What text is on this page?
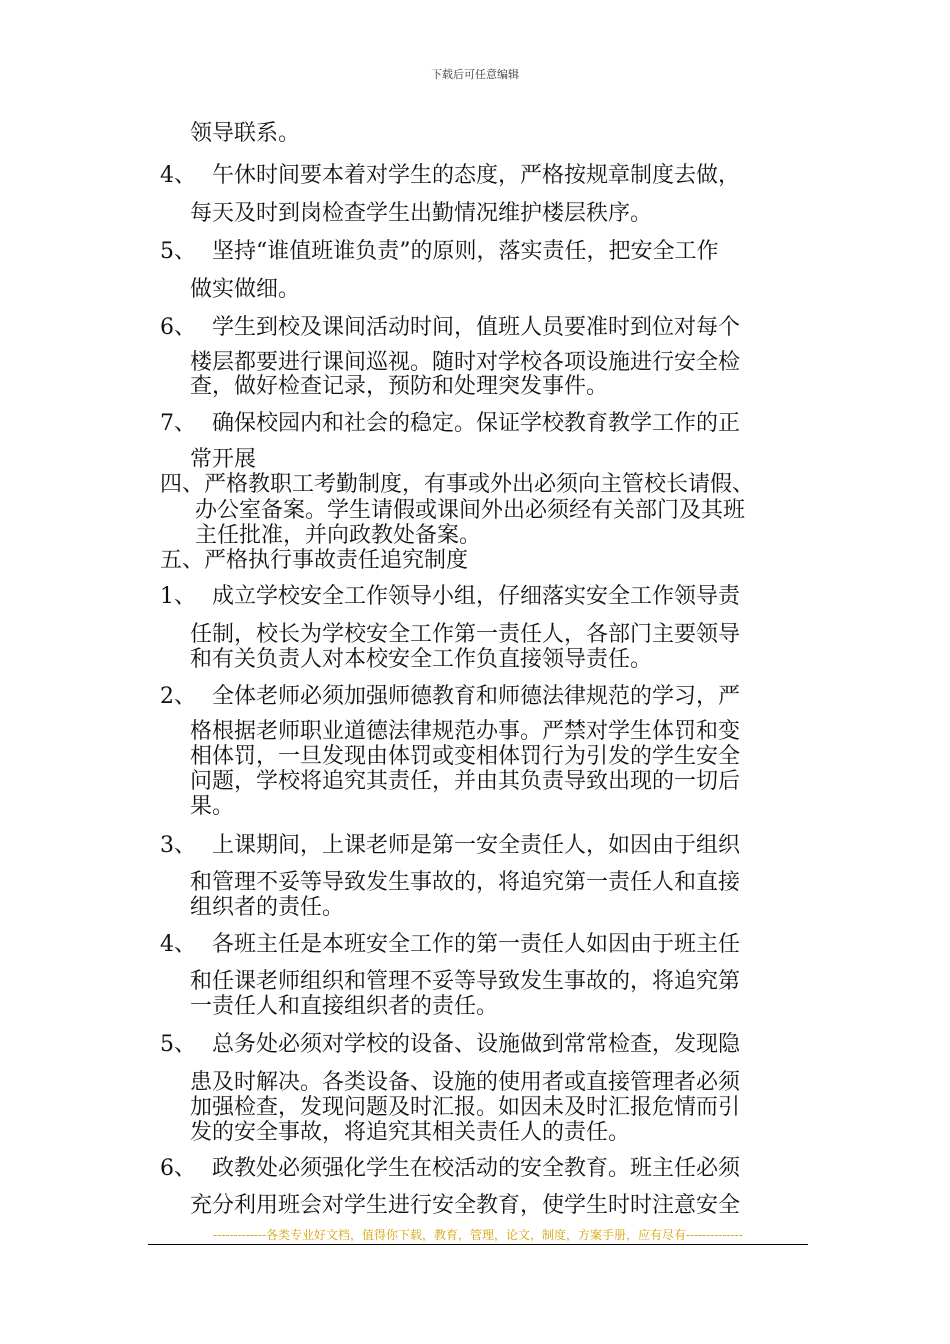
下载后可任意编辑
领导联系。
4、 午休时间要本着对学生的态度，严格按规章制度去做，
每天及时到岗检查学生出勤情况维护楼层秩序。
5、 坚持“谁值班谁负责”的原则，落实责任，把安全工作
做实做细。
6、 学生到校及课间活动时间，值班人员要准时到位对每个
楼层都要进行课间巡视。随时对学校各项设施进行安全检
查，做好检查记录，预防和处理突发事件。
7、 确保校园内和社会的稳定。保证学校教育教学工作的正
常开展
四、严格教职工考勤制度，有事或外出必须向主管校长请假、
办公室备案。学生请假或课间外出必须经有关部门及其班
主任批准，并向政教处备案。
五、严格执行事故责任追究制度
1、 成立学校安全工作领导小组，仔细落实安全工作领导责
任制，校长为学校安全工作第一责任人，各部门主要领导
和有关负责人对本校安全工作负直接领导责任。
2、 全体老师必须加强师德教育和师德法律规范的学习，严
格根据老师职业道德法律规范办事。严禁对学生体罚和变
相体罚，一旦发现由体罚或变相体罚行为引发的学生安全
问题，学校将追究其责任，并由其负责导致出现的一切后
果。
3、 上课期间，上课老师是第一安全责任人，如因由于组织
和管理不妥等导致发生事故的，将追究第一责任人和直接
组织者的责任。
4、 各班主任是本班安全工作的第一责任人如因由于班主任
和任课老师组织和管理不妥等导致发生事故的，将追究第
一责任人和直接组织者的责任。
5、 总务处必须对学校的设备、设施做到常常检查，发现隐
患及时解决。各类设备、设施的使用者或直接管理者必须
加强检查，发现问题及时汇报。如因未及时汇报危情而引
发的安全事故，将追究其相关责任人的责任。
6、 政教处必须强化学生在校活动的安全教育。班主任必须
充分利用班会对学生进行安全教育，使学生时时注意安全
-------------各类专业好文档，值得你下载，教育，管理，论文，制度，方案手册，应有尽有--------------
